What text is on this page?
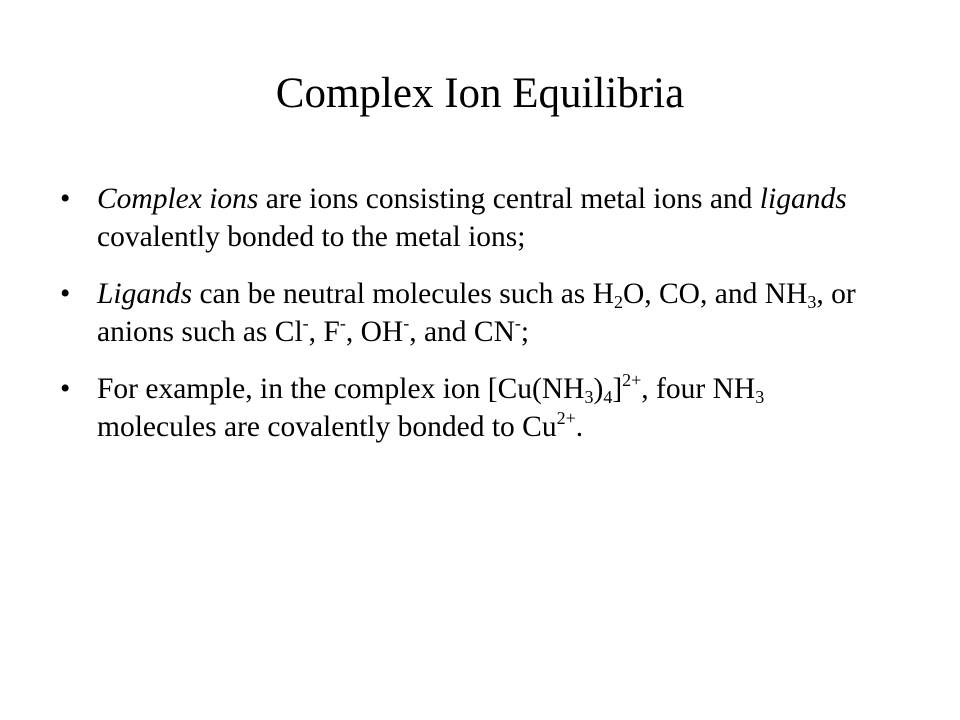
Complex Ion Equilibria
• Complex ions are ions consisting central metal ions and ligands covalently bonded to the metal ions;
• Ligands can be neutral molecules such as $H_2O$, CO, and $NH_3$, or anions such as Cl-, F-, OH-, and CN-;
• For example, in the complex ion $[Cu(NH_3)_4]^{2+}$, four $NH_3$ molecules are covalently bonded to $Cu^{2+}$.
